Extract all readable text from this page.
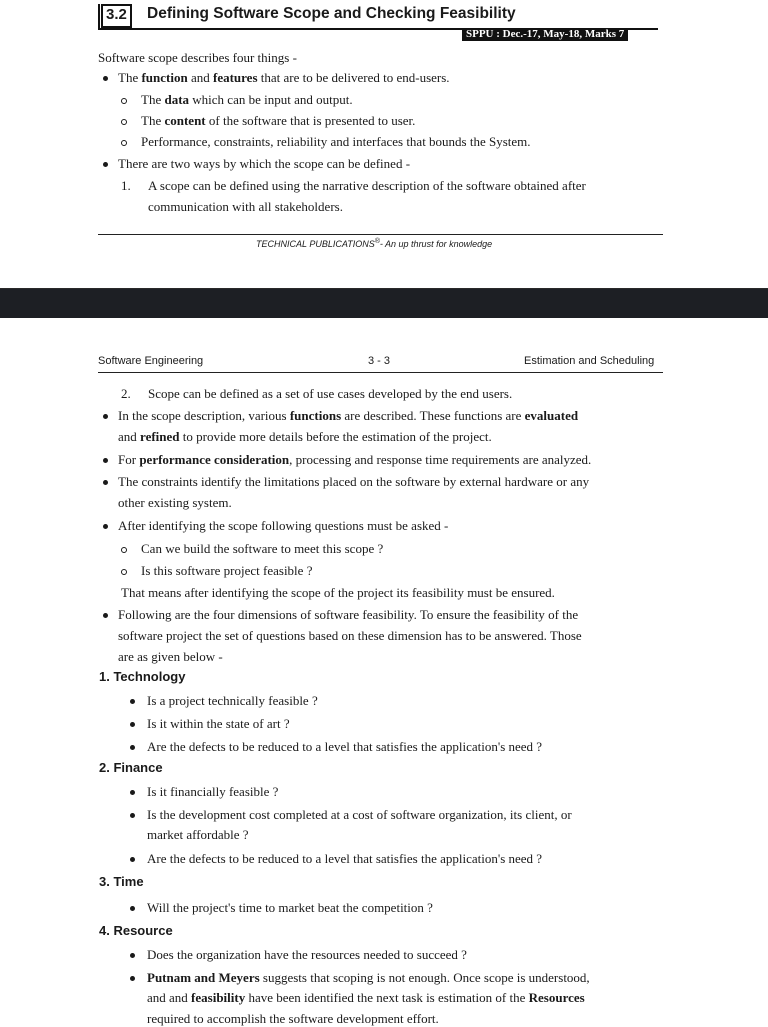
3.2	Defining Software Scope and Checking Feasibility
SPPU : Dec.-17, May-18, Marks 7
Software scope describes four things -
The function and features that are to be delivered to end-users.
The data which can be input and output.
The content of the software that is presented to user.
Performance, constraints, reliability and interfaces that bounds the System.
There are two ways by which the scope can be defined -
1. A scope can be defined using the narrative description of the software obtained after
communication with all stakeholders.
TECHNICAL PUBLICATIONS®- An up thrust for knowledge
Software Engineering	3 - 3	Estimation and Scheduling
2. Scope can be defined as a set of use cases developed by the end users.
In the scope description, various functions are described. These functions are evaluated
and refined to provide more details before the estimation of the project.
For performance consideration, processing and response time requirements are analyzed.
The constraints identify the limitations placed on the software by external hardware or any
other existing system.
After identifying the scope following questions must be asked -
Can we build the software to meet this scope ?
Is this software project feasible ?
That means after identifying the scope of the project its feasibility must be ensured.
Following are the four dimensions of software feasibility. To ensure the feasibility of the
software project the set of questions based on these dimension has to be answered. Those
are as given below -
1. Technology
Is a project technically feasible ?
Is it within the state of art ?
Are the defects to be reduced to a level that satisfies the application's need ?
2. Finance
Is it financially feasible ?
Is the development cost completed at a cost of software organization, its client, or
market affordable ?
Are the defects to be reduced to a level that satisfies the application's need ?
3. Time
Will the project's time to market beat the competition ?
4. Resource
Does the organization have the resources needed to succeed ?
Putnam and Meyers suggests that scoping is not enough. Once scope is understood,
and and feasibility have been identified the next task is estimation of the Resources
required to accomplish the software development effort.
